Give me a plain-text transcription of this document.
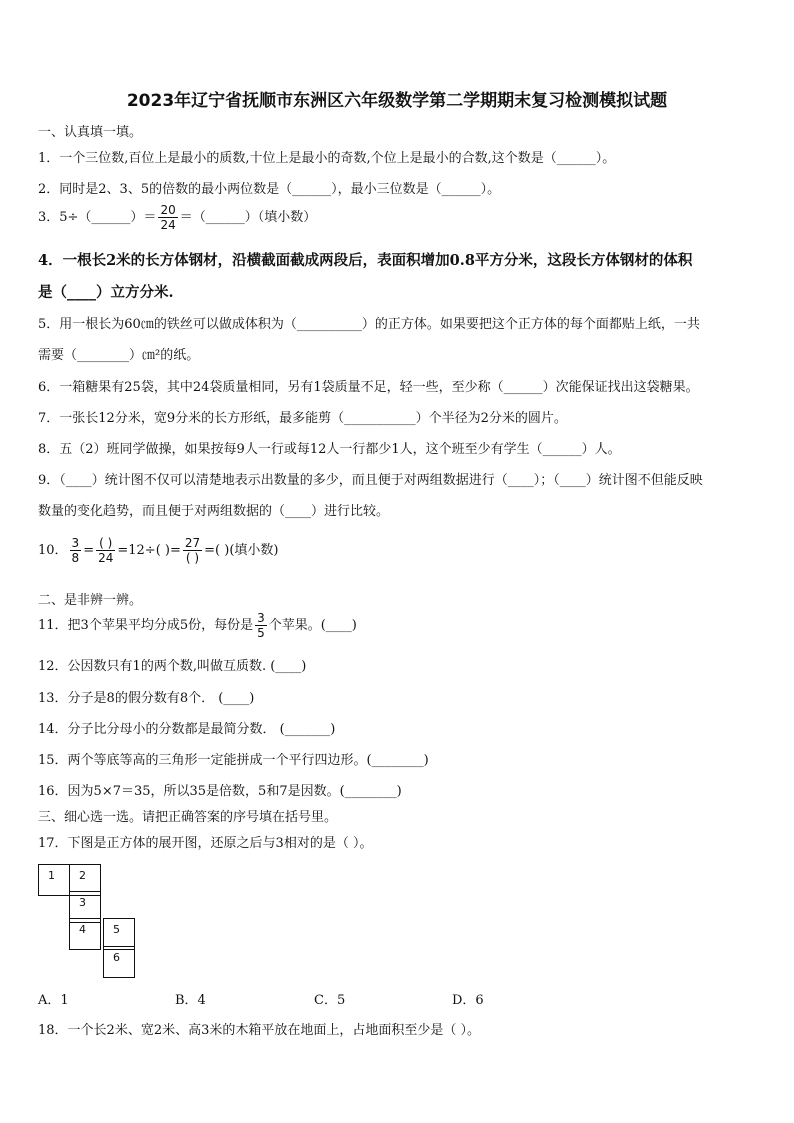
2023年辽宁省抚顺市东洲区六年级数学第二学期期末复习检测模拟试题
一、认真填一填。
1．一个三位数,百位上是最小的质数,十位上是最小的奇数,个位上是最小的合数,这个数是（______）。
2．同时是2、3、5的倍数的最小两位数是（______），最小三位数是（______）。
3．5÷（______）＝ $\frac{20}{24}$ ＝（______）（填小数）
4．一根长2米的长方体钢材，沿横截面截成两段后，表面积增加0.8平方分米，这段长方体钢材的体积
是（____）立方分米.
5．用一根长为60㎝的铁丝可以做成体积为（__________）的正方体。如果要把这个正方体的每个面都贴上纸，一共
需要（________）㎝²的纸。
6．一箱糖果有25袋，其中24袋质量相同，另有1袋质量不足，轻一些，至少称（______）次能保证找出这袋糖果。
7．一张长12分米，宽9分米的长方形纸，最多能剪（___________）个半径为2分米的圆片。
8．五（2）班同学做操，如果按每9人一行或每12人一行都少1人，这个班至少有学生（______）人。
9．（____）统计图不仅可以清楚地表示出数量的多少，而且便于对两组数据进行（____）；（____）统计图不但能反映
数量的变化趋势，而且便于对两组数据的（____）进行比较。
10． $\frac{3}{8} = \frac{( )}{24} =12\div$( )= $\frac{27}{( )}$ =( )(填小数)
二、是非辨一辨。
11．把3个苹果平均分成5份，每份是 $\frac{3}{5}$ 个苹果。(____)
12．公因数只有1的两个数,叫做互质数. (____)
13．分子是8的假分数有8个． (____)
14．分子比分母小的分数都是最简分数． (_______)
15．两个等底等高的三角形一定能拼成一个平行四边形。(________)
16．因为5×7＝35，所以35是倍数，5和7是因数。(________)
三、细心选一选。请把正确答案的序号填在括号里。
17．下图是正方体的展开图，还原之后与3相对的是（ ）。
1	2
3
4	5
6
A．1	B．4	C．5	D．6
18．一个长2米、宽2米、高3米的木箱平放在地面上，占地面积至少是（ ）。
